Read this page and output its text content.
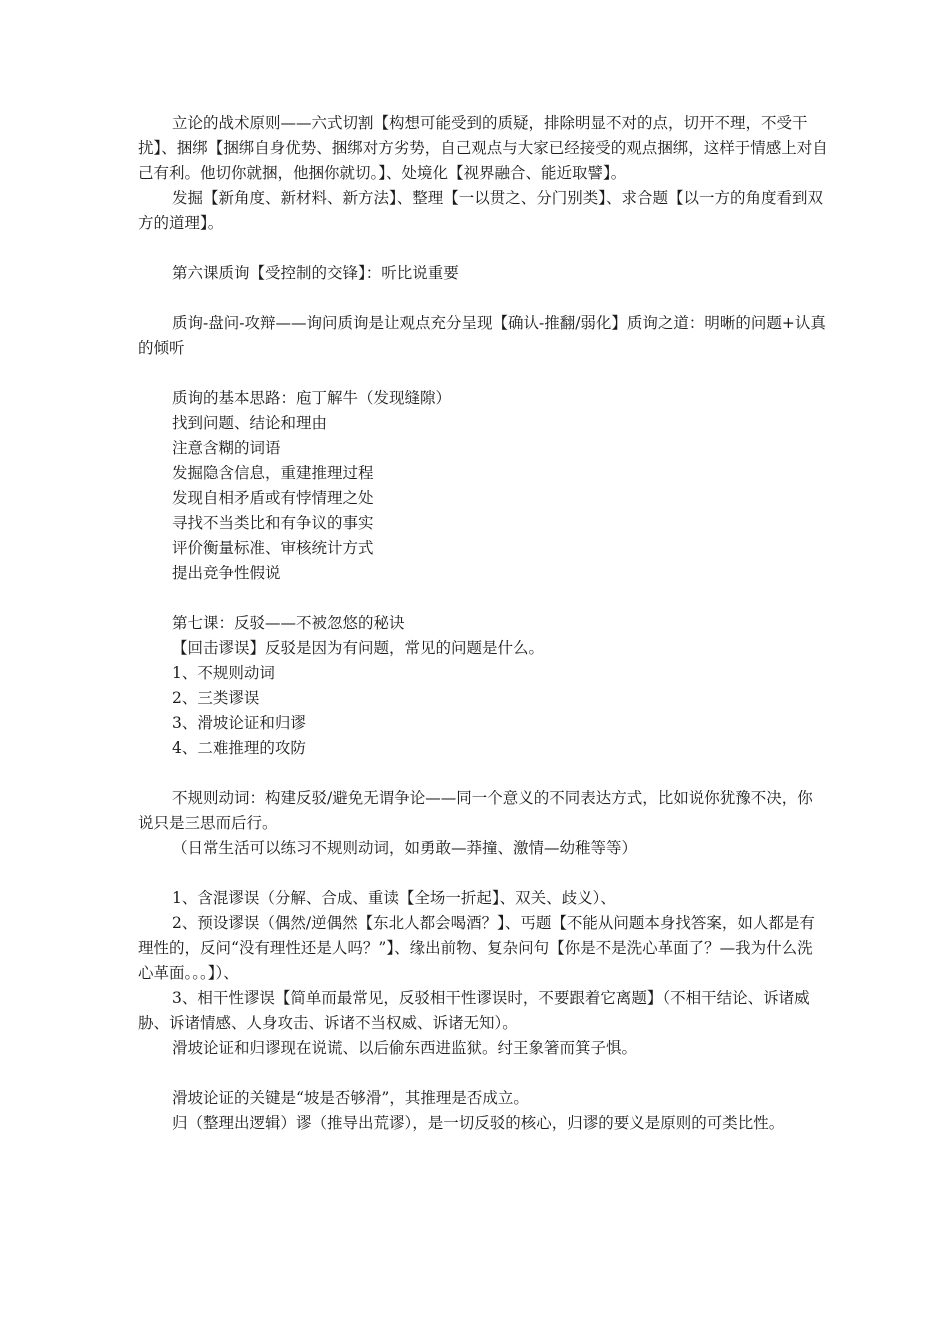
立论的战术原则——六式切割【构想可能受到的质疑，排除明显不对的点，切开不理，不受干扰】、捆绑【捆绑自身优势、捆绑对方劣势，自己观点与大家已经接受的观点捆绑，这样于情感上对自己有利。他切你就捆，他捆你就切。】、处境化【视界融合、能近取譬】。

发掘【新角度、新材料、新方法】、整理【一以贯之、分门别类】、求合题【以一方的角度看到双方的道理】。

第六课质询【受控制的交锋】：听比说重要

质询-盘问-攻辩——询问质询是让观点充分呈现【确认-推翻/弱化】质询之道：明晰的问题+认真的倾听

质询的基本思路：庖丁解牛（发现缝隙）

找到问题、结论和理由

注意含糊的词语

发掘隐含信息，重建推理过程

发现自相矛盾或有悖情理之处

寻找不当类比和有争议的事实

评价衡量标准、审核统计方式

提出竞争性假说

第七课：反驳——不被忽悠的秘诀

【回击谬误】反驳是因为有问题，常见的问题是什么。

1、不规则动词

2、三类谬误

3、滑坡论证和归谬

4、二难推理的攻防

不规则动词：构建反驳/避免无谓争论——同一个意义的不同表达方式，比如说你犹豫不决，你说只是三思而后行。

（日常生活可以练习不规则动词，如勇敢—莽撞、激情—幼稚等等）

1、含混谬误（分解、合成、重读【全场一折起】、双关、歧义）、

2、预设谬误（偶然/逆偶然【东北人都会喝酒？】、丐题【不能从问题本身找答案，如人都是有理性的，反问“没有理性还是人吗？”】、缘出前物、复杂问句【你是不是洗心革面了？—我为什么洗心革面。。。】）、

3、相干性谬误【简单而最常见，反驳相干性谬误时，不要跟着它离题】（不相干结论、诉诸威胁、诉诸情感、人身攻击、诉诸不当权威、诉诸无知）。

滑坡论证和归谬现在说谎、以后偷东西进监狱。纣王象箸而箕子惧。

滑坡论证的关键是“坡是否够滑”，其推理是否成立。

归（整理出逻辑）谬（推导出荒谬），是一切反驳的核心，归谬的要义是原则的可类比性。
